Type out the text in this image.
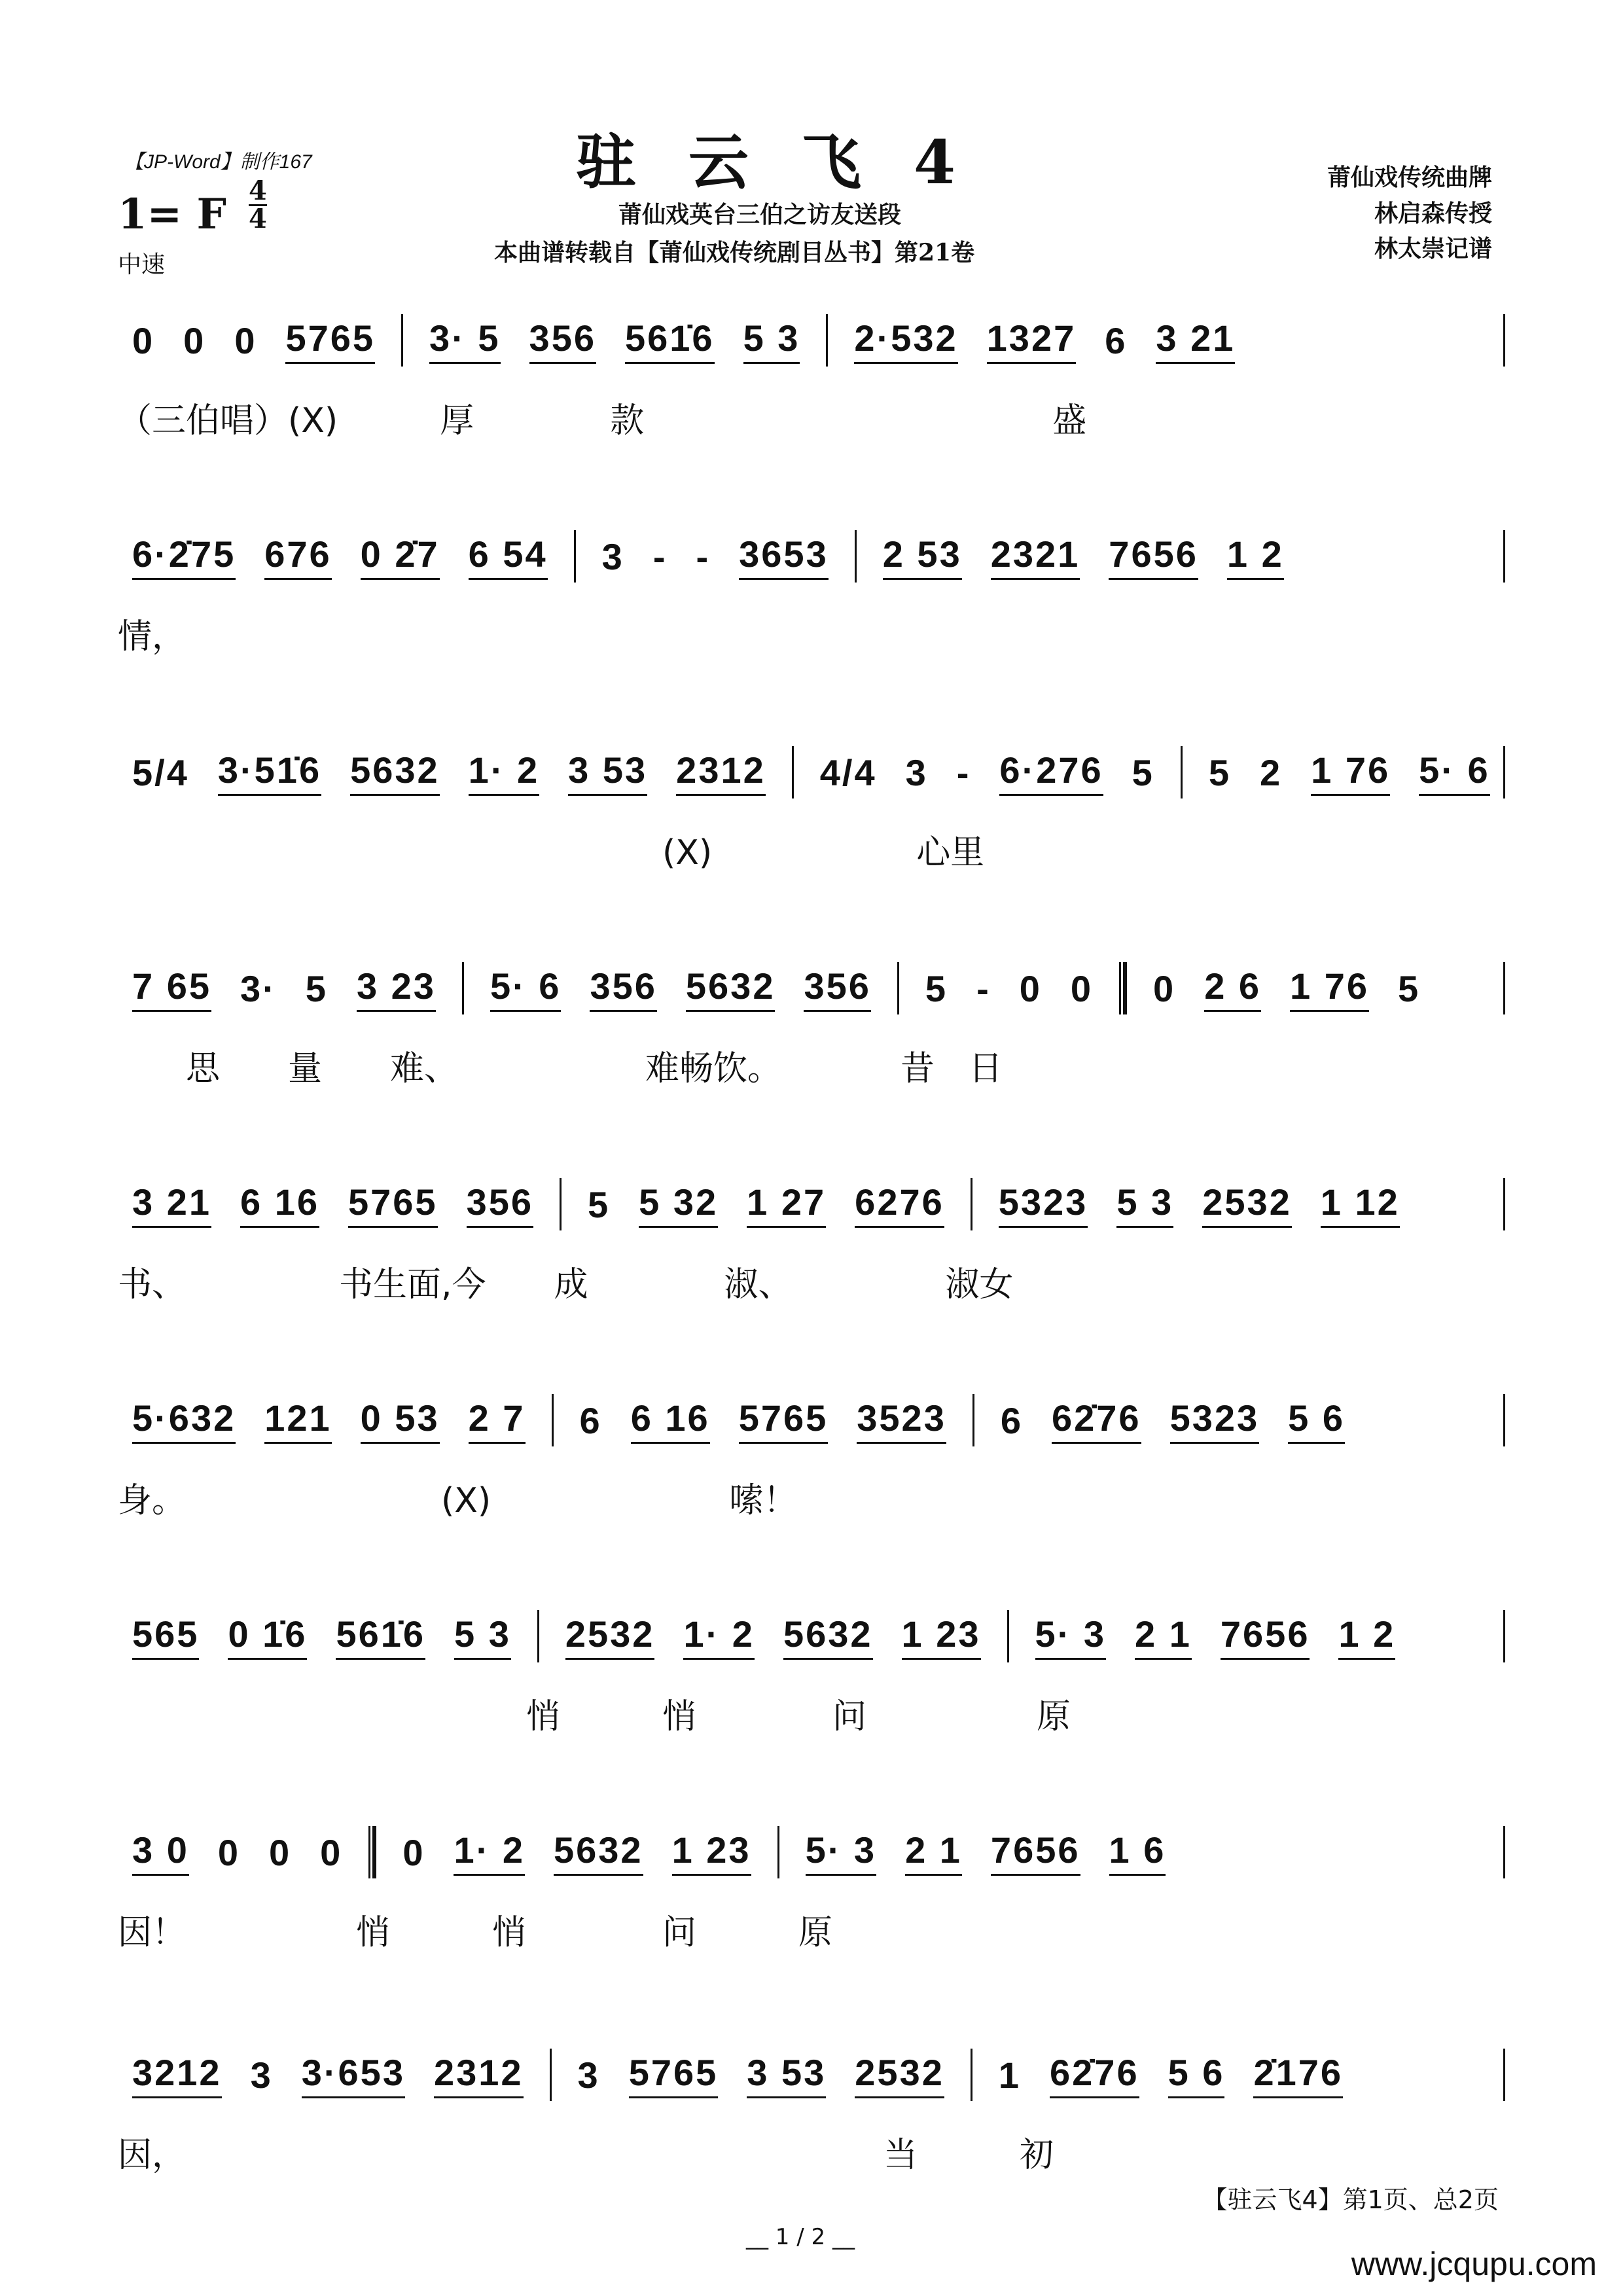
【JP-Word】制作167	驻云飞4
莆仙戏英台三伯之访友送段
本曲谱转载自【莆仙戏传统剧目丛书】第21卷
莆仙戏传统曲牌
林启森传授
林太崇记谱
1= F 4
4
中速
0 0 0 5765 3· 5 356 561̇6 5 3 2·532 1327 6 3 21
（三伯唱）(X)　　　厚　　　　款　　　　　　　　　　　　盛
6·2̇75 676 0 2̇7 6 54 3 - - 3653 2 53 2321 7656 1 2
情，
5/4 3·51̇6 5632 1· 2 3 53 2312 4/4 3 - 6·276 5 5 2 1 76 5· 6
　　　　　　　　　　　　　　　　(X)　　　　　　心里
7 65 3· 5 3 23 5· 6 356 5632 356 5 - 0 0 0 2 6 1 76 5
　　思　　量　　难、　　　　　　难畅饮。　　　　昔　日
3 21 6 16 5765 356 5 5 32 1 27 6276 5323 5 3 2532 1 12
书、　　　　　书生面,今　　成　　　　淑、　　　　　淑女
5·632 121 0 53 2 7 6 6 16 5765 3523 6 62̇76 5323 5 6
身。　　　　　　　　(X)　　　　　　　嗦！
565 0 1̇6 561̇6 5 3 2532 1· 2 5632 1 23 5· 3 2 1 7656 1 2
　　　　　　　　　　　　悄　　　悄　　　　问　　　　　原
3 0 0 0 0 0 1· 2 5632 1 23 5· 3 2 1 7656 1 6
因！　　　　　悄　　　悄　　　　问　　　原
3212 3 3·653 2312 3 5765 3 53 2532 1 62̇76 5 6 2̇176
因，　　　　　　　　　　　　　　　　　　　　　当　　　初
【驻云飞4】第1页、总2页
__ 1 / 2 __
www.jcqupu.com
